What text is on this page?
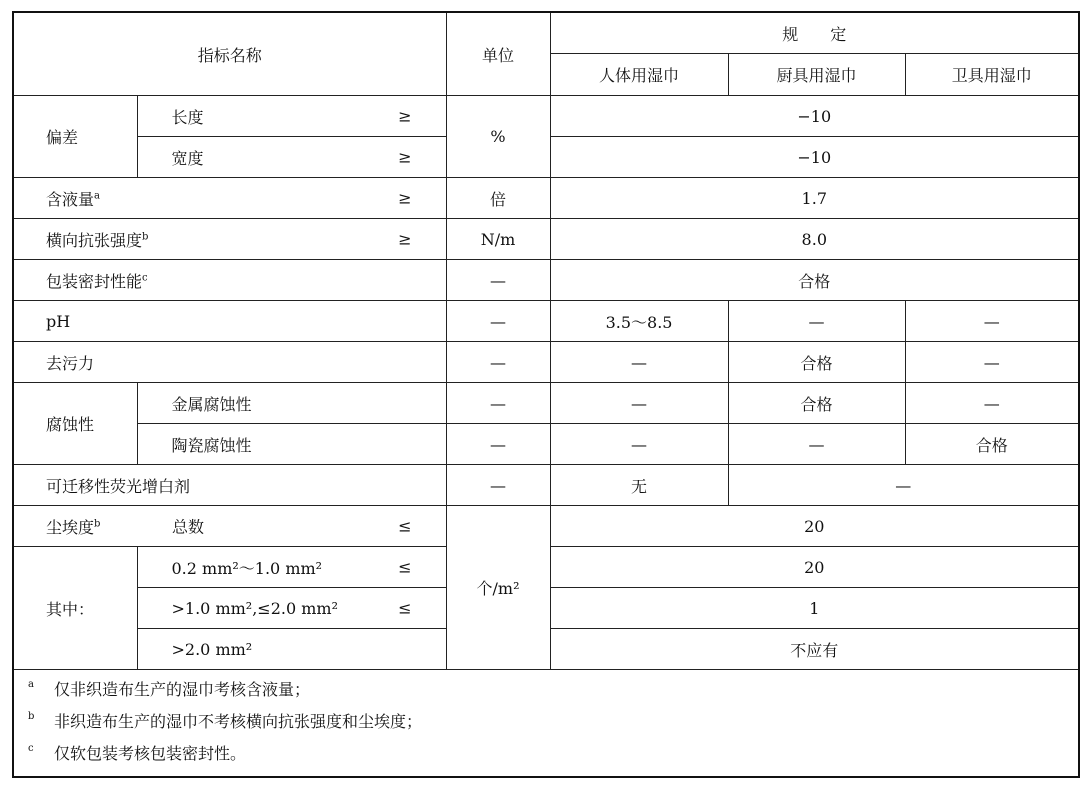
指标名称		单位	规　　定		
			人体用湿巾	厨具用湿巾	卫具用湿巾
偏差	长度 ≥	%	−10		
	宽度 ≥		−10		
含液量$^a$ ≥		倍	1.7		
横向抗张强度$^b$ ≥		N/m	8.0		
包装密封性能$^c$		—	合格		
pH		—	3.5～8.5	—	—
去污力		—	—	合格	—
腐蚀性	金属腐蚀性	—	—	合格	—
	陶瓷腐蚀性	—	—	—	合格
可迁移性荧光增白剂		—	无	—	
尘埃度$^b$ 总数 ≤		个/m²	20		
其中：	0.2 mm²～1.0 mm² ≤		20		
	>1.0 mm²,≤2.0 mm² ≤		1		
	>2.0 mm²		不应有		

a 仅非织造布生产的湿巾考核含液量；
b 非织造布生产的湿巾不考核横向抗张强度和尘埃度；
c 仅软包装考核包装密封性。					
